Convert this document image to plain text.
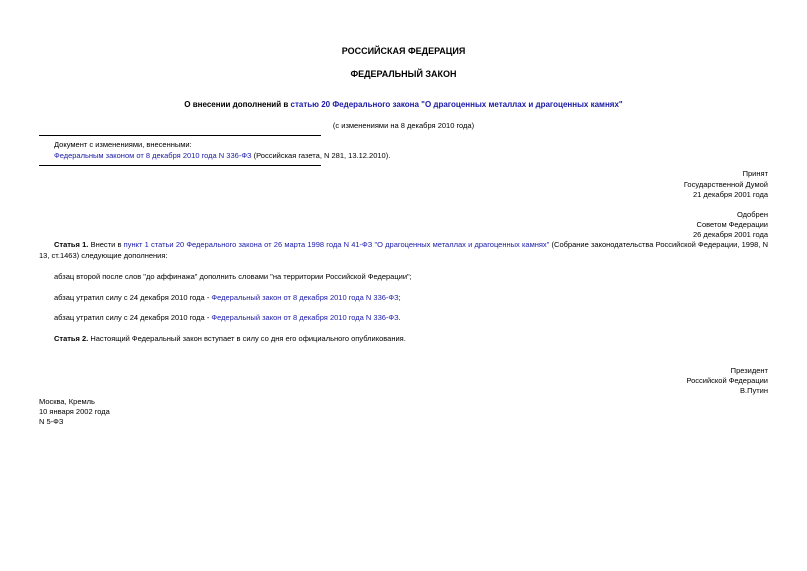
РОССИЙСКАЯ ФЕДЕРАЦИЯ
ФЕДЕРАЛЬНЫЙ ЗАКОН
О внесении дополнений в статью 20 Федерального закона "О драгоценных металлах и драгоценных камнях"
(с изменениями на 8 декабря 2010 года)
Документ с изменениями, внесенными:
Федеральным законом от 8 декабря 2010 года N 336-ФЗ (Российская газета, N 281, 13.12.2010).
Принят
Государственной Думой
21 декабря 2001 года
Одобрен
Советом Федерации
26 декабря 2001 года
Статья 1. Внести в пункт 1 статьи 20 Федерального закона от 26 марта 1998 года N 41-ФЗ "О драгоценных металлах и драгоценных камнях" (Собрание законодательства Российской Федерации, 1998, N 13, ст.1463) следующие дополнения:
абзац второй после слов "до аффинажа" дополнить словами "на территории Российской Федерации";
абзац утратил силу с 24 декабря 2010 года - Федеральный закон от 8 декабря 2010 года N 336-ФЗ;
абзац утратил силу с 24 декабря 2010 года - Федеральный закон от 8 декабря 2010 года N 336-ФЗ.
Статья 2. Настоящий Федеральный закон вступает в силу со дня его официального опубликования.
Президент
Российской Федерации
В.Путин
Москва, Кремль
10 января 2002 года
N 5-ФЗ
